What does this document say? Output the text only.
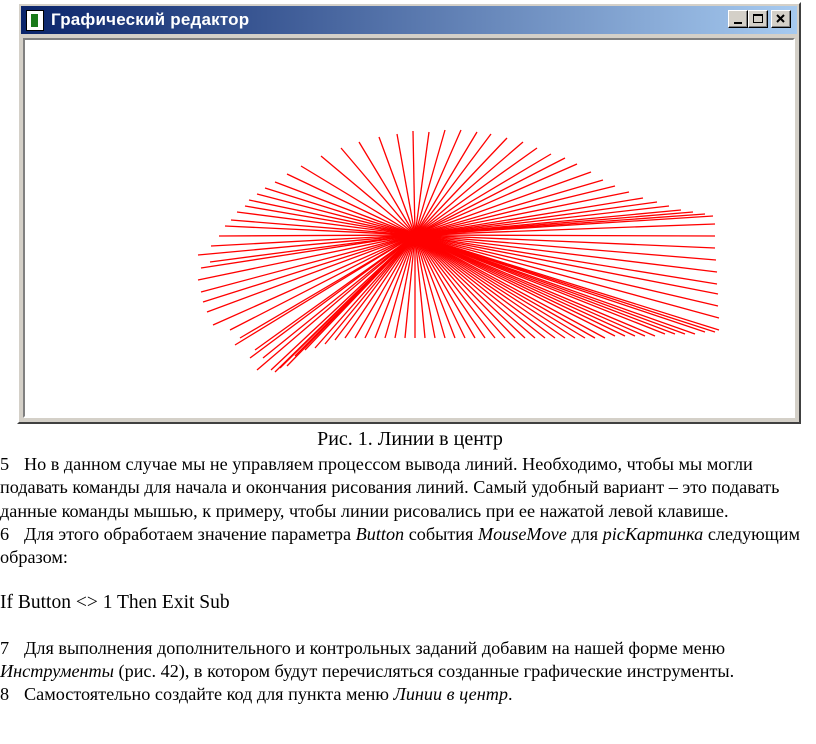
Графический редактор
Рис. 1. Линии в центр

5 Но в данном случае мы не управляем процессом вывода линий. Необходимо, чтобы мы могли подавать команды для начала и окончания рисования линий. Самый удобный вариант – это подавать данные команды мышью, к примеру, чтобы линии рисовались при ее нажатой левой клавише.

6 Для этого обработаем значение параметра Button события MouseMove для picКартинка следующим образом:

If Button <> 1 Then Exit Sub

7 Для выполнения дополнительного и контрольных заданий добавим на нашей форме меню Инструменты (рис. 42), в котором будут перечисляться созданные графические инструменты.

8 Самостоятельно создайте код для пункта меню Линии в центр.
